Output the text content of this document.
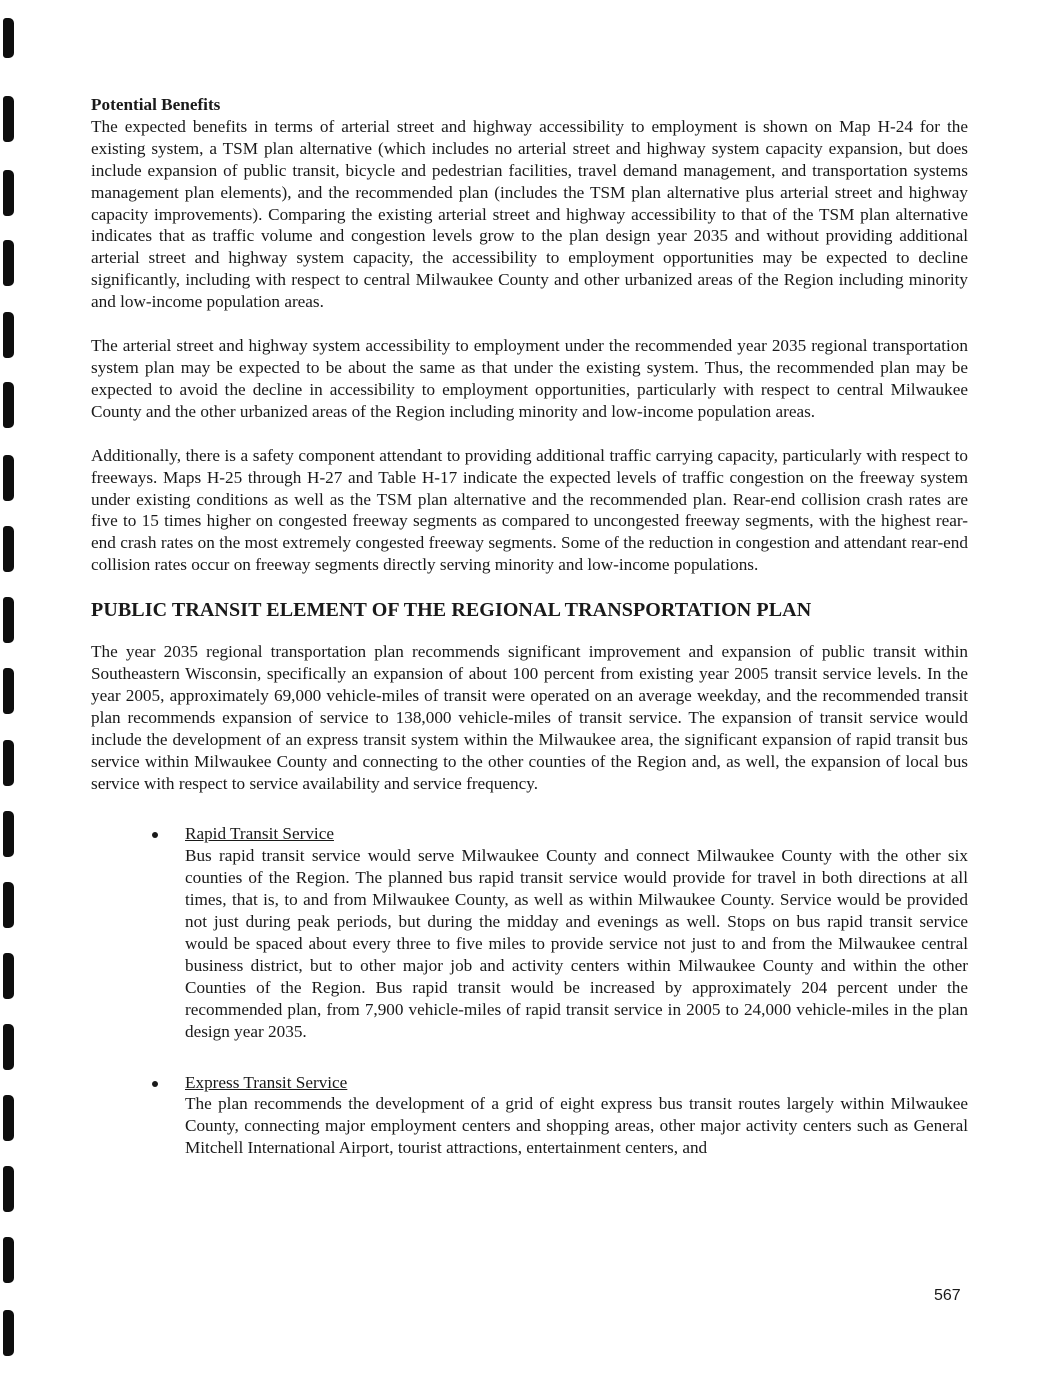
Potential Benefits

The expected benefits in terms of arterial street and highway accessibility to employment is shown on Map H-24 for the existing system, a TSM plan alternative (which includes no arterial street and highway system capacity expansion, but does include expansion of public transit, bicycle and pedestrian facilities, travel demand management, and transportation systems management plan elements), and the recommended plan (includes the TSM plan alternative plus arterial street and highway capacity improvements). Comparing the existing arterial street and highway accessibility to that of the TSM plan alternative indicates that as traffic volume and congestion levels grow to the plan design year 2035 and without providing additional arterial street and highway system capacity, the accessibility to employment opportunities may be expected to decline significantly, including with respect to central Milwaukee County and other urbanized areas of the Region including minority and low-income population areas.

The arterial street and highway system accessibility to employment under the recommended year 2035 regional transportation system plan may be expected to be about the same as that under the existing system. Thus, the recommended plan may be expected to avoid the decline in accessibility to employment opportunities, particularly with respect to central Milwaukee County and the other urbanized areas of the Region including minority and low-income population areas.

Additionally, there is a safety component attendant to providing additional traffic carrying capacity, particularly with respect to freeways. Maps H-25 through H-27 and Table H-17 indicate the expected levels of traffic congestion on the freeway system under existing conditions as well as the TSM plan alternative and the recommended plan. Rear-end collision crash rates are five to 15 times higher on congested freeway segments as compared to uncongested freeway segments, with the highest rear-end crash rates on the most extremely congested freeway segments. Some of the reduction in congestion and attendant rear-end collision rates occur on freeway segments directly serving minority and low-income populations.

PUBLIC TRANSIT ELEMENT OF THE REGIONAL TRANSPORTATION PLAN

The year 2035 regional transportation plan recommends significant improvement and expansion of public transit within Southeastern Wisconsin, specifically an expansion of about 100 percent from existing year 2005 transit service levels. In the year 2005, approximately 69,000 vehicle-miles of transit were operated on an average weekday, and the recommended transit plan recommends expansion of service to 138,000 vehicle-miles of transit service. The expansion of transit service would include the development of an express transit system within the Milwaukee area, the significant expansion of rapid transit bus service within Milwaukee County and connecting to the other counties of the Region and, as well, the expansion of local bus service with respect to service availability and service frequency.

Rapid Transit Service

Bus rapid transit service would serve Milwaukee County and connect Milwaukee County with the other six counties of the Region. The planned bus rapid transit service would provide for travel in both directions at all times, that is, to and from Milwaukee County, as well as within Milwaukee County. Service would be provided not just during peak periods, but during the midday and evenings as well. Stops on bus rapid transit service would be spaced about every three to five miles to provide service not just to and from the Milwaukee central business district, but to other major job and activity centers within Milwaukee County and within the other Counties of the Region. Bus rapid transit would be increased by approximately 204 percent under the recommended plan, from 7,900 vehicle-miles of rapid transit service in 2005 to 24,000 vehicle-miles in the plan design year 2035.

Express Transit Service

The plan recommends the development of a grid of eight express bus transit routes largely within Milwaukee County, connecting major employment centers and shopping areas, other major activity centers such as General Mitchell International Airport, tourist attractions, entertainment centers, and

567
